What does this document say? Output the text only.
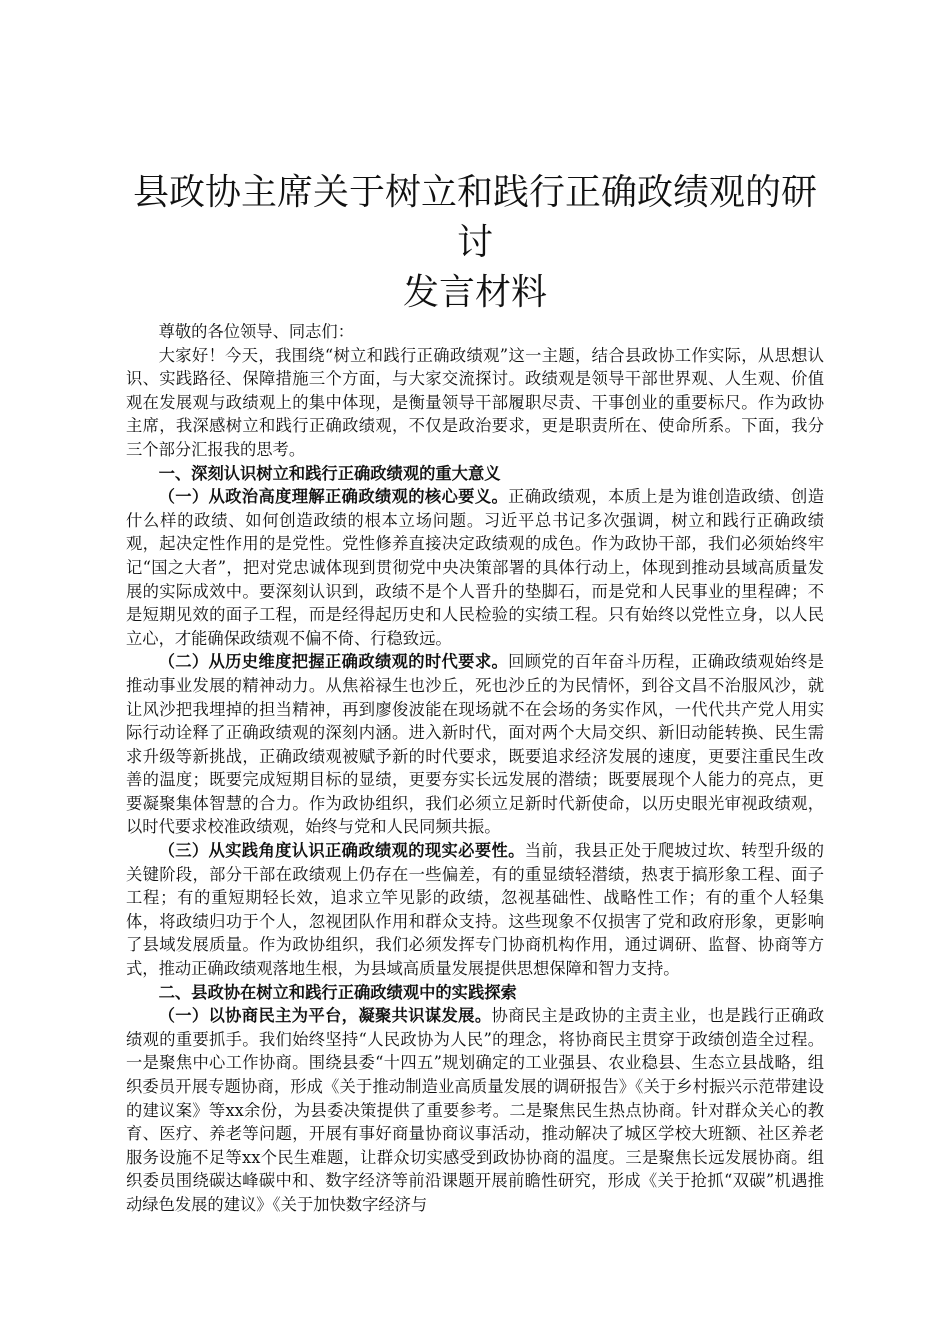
县政协主席关于树立和践行正确政绩观的研讨
发言材料

尊敬的各位领导、同志们：

大家好！今天，我围绕“树立和践行正确政绩观”这一主题，结合县政协工作实际，从思想认识、实践路径、保障措施三个方面，与大家交流探讨。政绩观是领导干部世界观、人生观、价值观在发展观与政绩观上的集中体现，是衡量领导干部履职尽责、干事创业的重要标尺。作为政协主席，我深感树立和践行正确政绩观，不仅是政治要求，更是职责所在、使命所系。下面，我分三个部分汇报我的思考。

一、深刻认识树立和践行正确政绩观的重大意义

（一）从政治高度理解正确政绩观的核心要义。正确政绩观，本质上是为谁创造政绩、创造什么样的政绩、如何创造政绩的根本立场问题。习近平总书记多次强调，树立和践行正确政绩观，起决定性作用的是党性。党性修养直接决定政绩观的成色。作为政协干部，我们必须始终牢记“国之大者”，把对党忠诚体现到贯彻党中央决策部署的具体行动上，体现到推动县域高质量发展的实际成效中。要深刻认识到，政绩不是个人晋升的垫脚石，而是党和人民事业的里程碑；不是短期见效的面子工程，而是经得起历史和人民检验的实绩工程。只有始终以党性立身，以人民立心，才能确保政绩观不偏不倚、行稳致远。

（二）从历史维度把握正确政绩观的时代要求。回顾党的百年奋斗历程，正确政绩观始终是推动事业发展的精神动力。从焦裕禄生也沙丘，死也沙丘的为民情怀，到谷文昌不治服风沙，就让风沙把我埋掉的担当精神，再到廖俊波能在现场就不在会场的务实作风，一代代共产党人用实际行动诠释了正确政绩观的深刻内涵。进入新时代，面对两个大局交织、新旧动能转换、民生需求升级等新挑战，正确政绩观被赋予新的时代要求，既要追求经济发展的速度，更要注重民生改善的温度；既要完成短期目标的显绩，更要夯实长远发展的潜绩；既要展现个人能力的亮点，更要凝聚集体智慧的合力。作为政协组织，我们必须立足新时代新使命，以历史眼光审视政绩观，以时代要求校准政绩观，始终与党和人民同频共振。

（三）从实践角度认识正确政绩观的现实必要性。当前，我县正处于爬坡过坎、转型升级的关键阶段，部分干部在政绩观上仍存在一些偏差，有的重显绩轻潜绩，热衷于搞形象工程、面子工程；有的重短期轻长效，追求立竿见影的政绩，忽视基础性、战略性工作；有的重个人轻集体，将政绩归功于个人，忽视团队作用和群众支持。这些现象不仅损害了党和政府形象，更影响了县域发展质量。作为政协组织，我们必须发挥专门协商机构作用，通过调研、监督、协商等方式，推动正确政绩观落地生根，为县域高质量发展提供思想保障和智力支持。

二、县政协在树立和践行正确政绩观中的实践探索

（一）以协商民主为平台，凝聚共识谋发展。协商民主是政协的主责主业，也是践行正确政绩观的重要抓手。我们始终坚持“人民政协为人民”的理念，将协商民主贯穿于政绩创造全过程。一是聚焦中心工作协商。围绕县委“十四五”规划确定的工业强县、农业稳县、生态立县战略，组织委员开展专题协商，形成《关于推动制造业高质量发展的调研报告》《关于乡村振兴示范带建设的建议案》等xx余份，为县委决策提供了重要参考。二是聚焦民生热点协商。针对群众关心的教育、医疗、养老等问题，开展有事好商量协商议事活动，推动解决了城区学校大班额、社区养老服务设施不足等xx个民生难题，让群众切实感受到政协协商的温度。三是聚焦长远发展协商。组织委员围绕碳达峰碳中和、数字经济等前沿课题开展前瞻性研究，形成《关于抢抓“双碳”机遇推动绿色发展的建议》《关于加快数字经济与
